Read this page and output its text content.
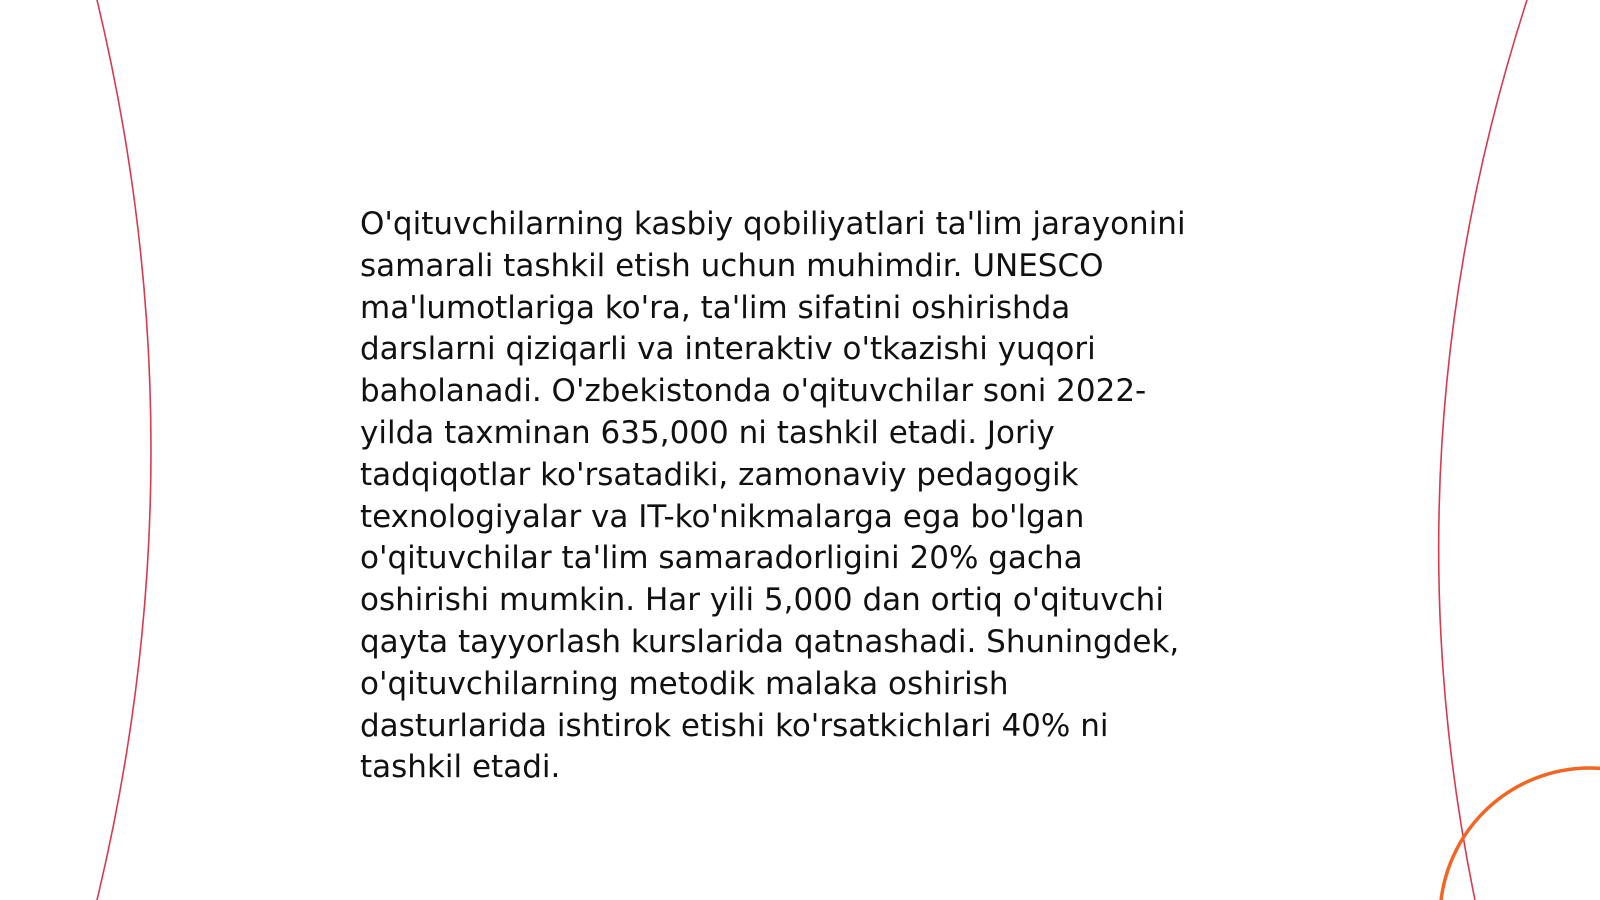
O'qituvchilarning kasbiy qobiliyatlari ta'lim jarayonini
samarali tashkil etish uchun muhimdir. UNESCO
ma'lumotlariga ko'ra, ta'lim sifatini oshirishda
darslarni qiziqarli va interaktiv o'tkazishi yuqori
baholanadi. O'zbekistonda o'qituvchilar soni 2022-
yilda taxminan 635,000 ni tashkil etadi. Joriy
tadqiqotlar ko'rsatadiki, zamonaviy pedagogik
texnologiyalar va IT-ko'nikmalarga ega bo'lgan
o'qituvchilar ta'lim samaradorligini 20% gacha
oshirishi mumkin. Har yili 5,000 dan ortiq o'qituvchi
qayta tayyorlash kurslarida qatnashadi. Shuningdek,
o'qituvchilarning metodik malaka oshirish
dasturlarida ishtirok etishi ko'rsatkichlari 40% ni
tashkil etadi.
